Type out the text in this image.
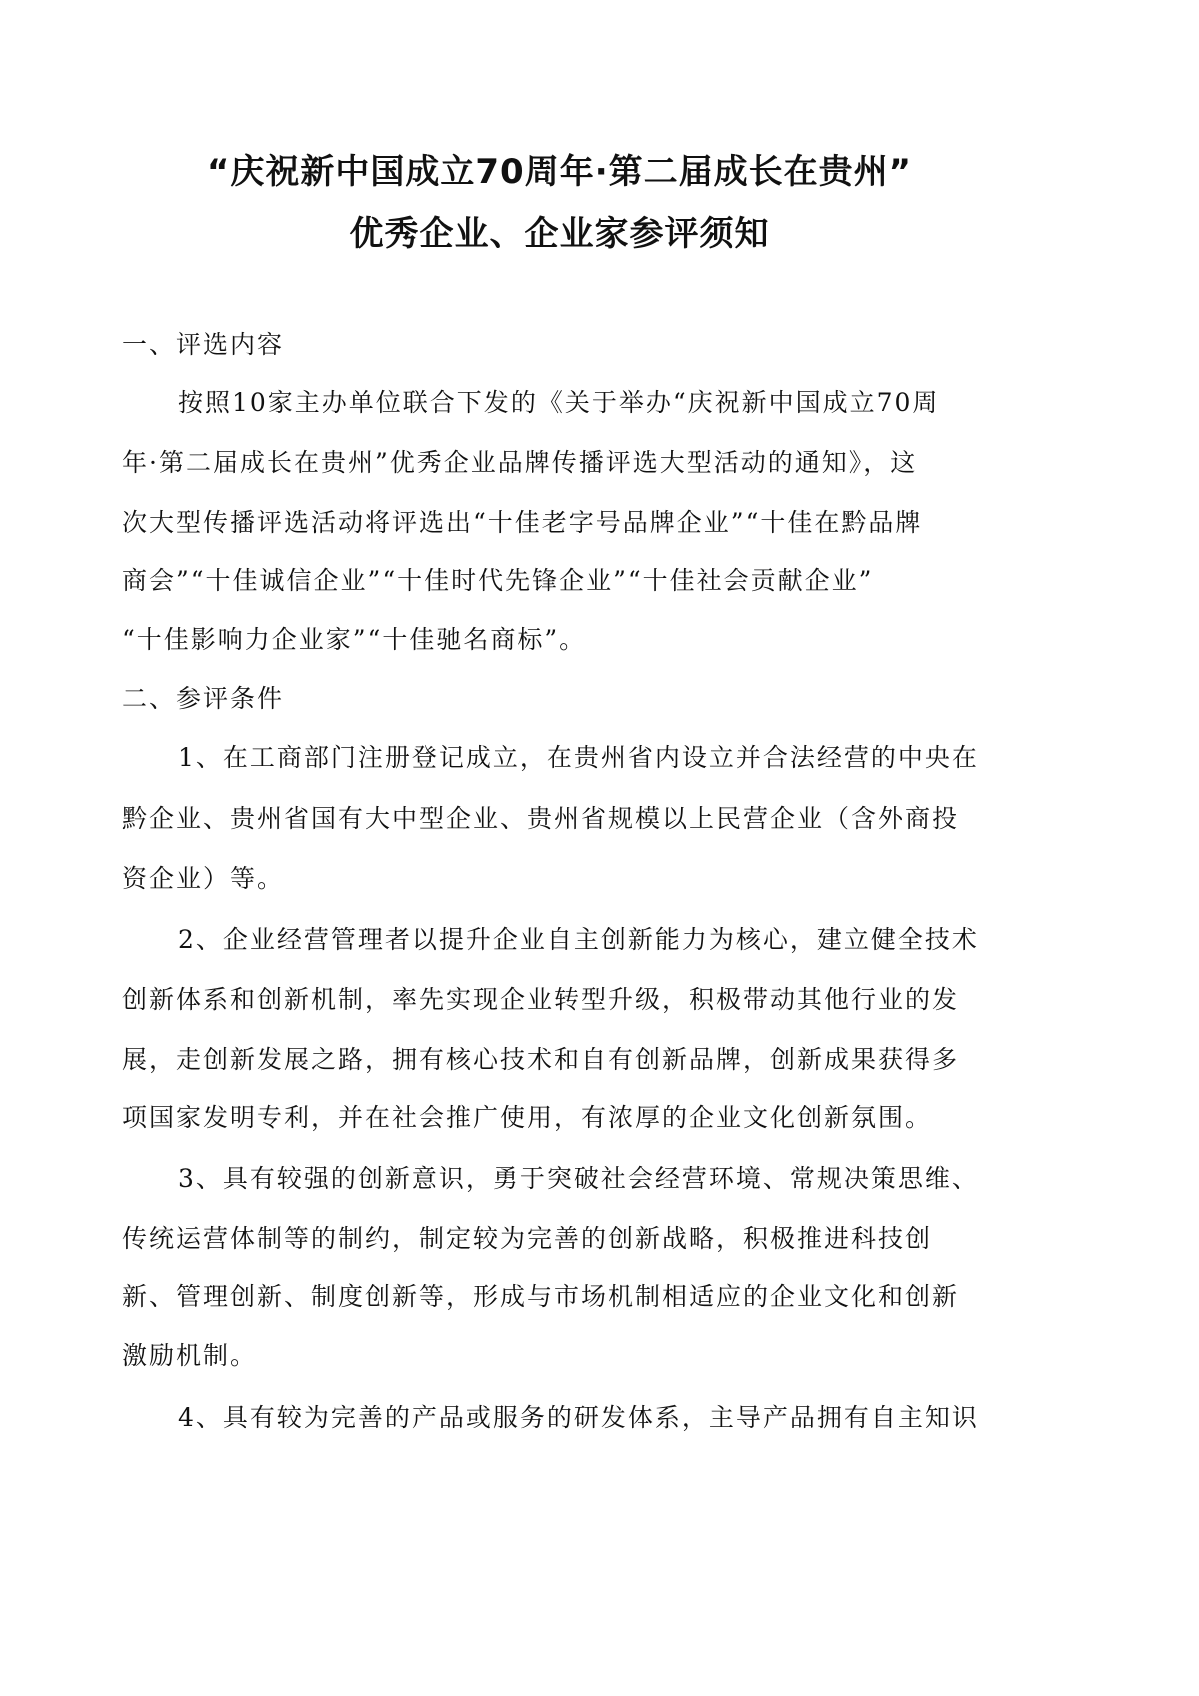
“庆祝新中国成立70周年·第二届成长在贵州”
优秀企业、企业家参评须知
一、评选内容
按照10家主办单位联合下发的《关于举办“庆祝新中国成立70周
年·第二届成长在贵州”优秀企业品牌传播评选大型活动的通知》，这
次大型传播评选活动将评选出“十佳老字号品牌企业”“十佳在黔品牌
商会”“十佳诚信企业”“十佳时代先锋企业”“十佳社会贡献企业”
“十佳影响力企业家”“十佳驰名商标”。
二、参评条件
1、在工商部门注册登记成立，在贵州省内设立并合法经营的中央在
黔企业、贵州省国有大中型企业、贵州省规模以上民营企业（含外商投
资企业）等。
2、企业经营管理者以提升企业自主创新能力为核心，建立健全技术
创新体系和创新机制，率先实现企业转型升级，积极带动其他行业的发
展，走创新发展之路，拥有核心技术和自有创新品牌，创新成果获得多
项国家发明专利，并在社会推广使用，有浓厚的企业文化创新氛围。
3、具有较强的创新意识，勇于突破社会经营环境、常规决策思维、
传统运营体制等的制约，制定较为完善的创新战略，积极推进科技创
新、管理创新、制度创新等，形成与市场机制相适应的企业文化和创新
激励机制。
4、具有较为完善的产品或服务的研发体系，主导产品拥有自主知识
